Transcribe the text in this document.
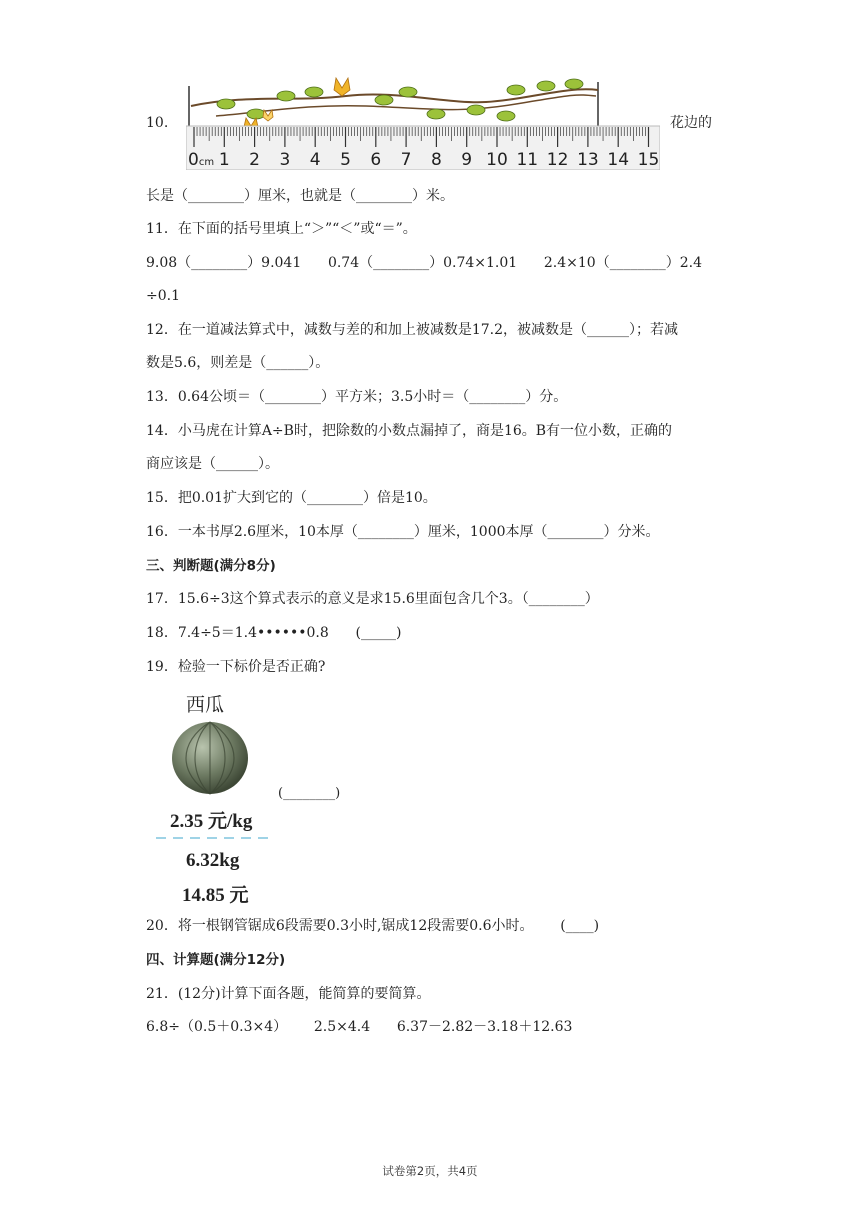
10.
0cm 1 2 3 4 5 6 7 8 9 10 11 12 13 14 15
花边的
长是（________）厘米，也就是（________）米。
11．在下面的括号里填上“＞”“＜”或“＝”。
9.08（________）9.041      0.74（________）0.74×1.01      2.4×10（________）2.4
÷0.1
12．在一道减法算式中，减数与差的和加上被减数是17.2，被减数是（______）；若减
数是5.6，则差是（______）。
13．0.64公顷＝（________）平方米；3.5小时＝（________）分。
14．小马虎在计算A÷B时，把除数的小数点漏掉了，商是16。B有一位小数，正确的
商应该是（______）。
15．把0.01扩大到它的（________）倍是10。
16．一本书厚2.6厘米，10本厚（________）厘米，1000本厚（________）分米。
三、判断题(满分8分)
17．15.6÷3这个算式表示的意义是求15.6里面包含几个3。（________）
18．7.4÷5＝1.4••••••0.8      (_____)
19．检验一下标价是否正确?
西瓜
(________)
2.35 元/kg
6.32kg
14.85 元
20．将一根钢管锯成6段需要0.3小时,锯成12段需要0.6小时。      (____)
四、计算题(满分12分)
21．(12分)计算下面各题，能简算的要简算。
6.8÷（0.5＋0.3×4）      2.5×4.4      6.37－2.82－3.18＋12.63
试卷第2页，共4页
